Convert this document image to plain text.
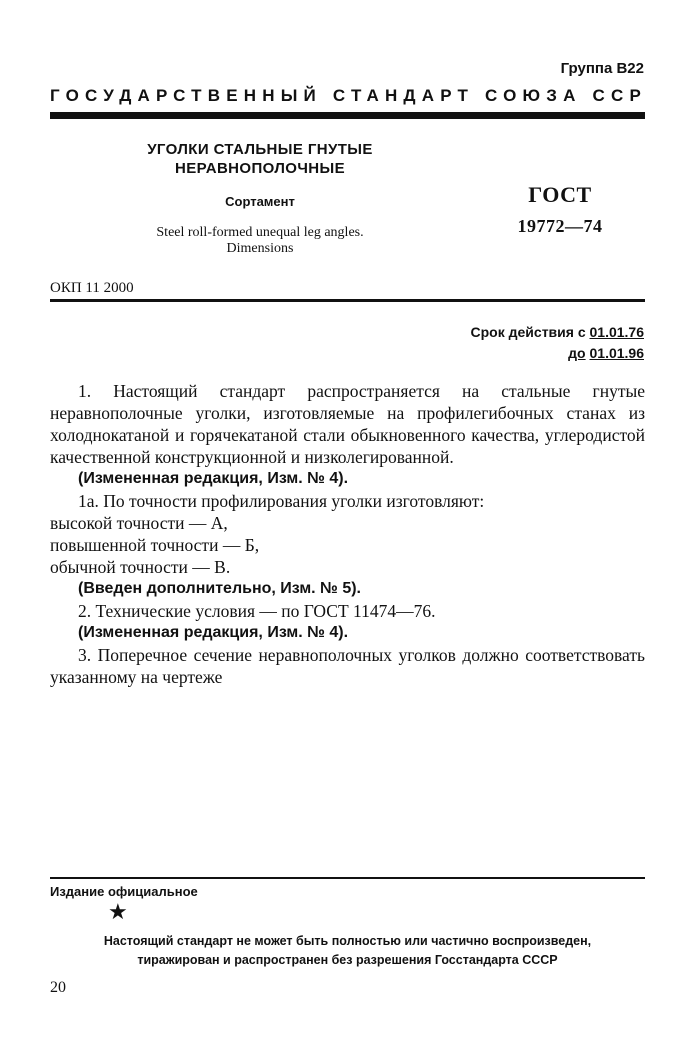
Группа В22
ГОСУДАРСТВЕННЫЙ СТАНДАРТ СОЮЗА ССР
УГОЛКИ СТАЛЬНЫЕ ГНУТЫЕ
НЕРАВНОПОЛОЧНЫЕ
Сортамент
Steel roll-formed unequal leg angles.
Dimensions
ГОСТ
19772—74
ОКП 11 2000
Срок действия с 01.01.76
до 01.01.96

1. Настоящий стандарт распространяется на стальные гнутые неравнополочные уголки, изготовляемые на профилегибочных станах из холоднокатаной и горячекатаной стали обыкновенного качества, углеродистой качественной конструкционной и низколегированной.

(Измененная редакция, Изм. № 4).

1а. По точности профилирования уголки изготовляют:

высокой точности — А,

повышенной точности — Б,

обычной точности — В.

(Введен дополнительно, Изм. № 5).

2. Технические условия — по ГОСТ 11474—76.

(Измененная редакция, Изм. № 4).

3. Поперечное сечение неравнополочных уголков должно соответствовать указанному на чертеже

Издание официальное
★
Настоящий стандарт не может быть полностью или частично воспроизведен,
тиражирован и распространен без разрешения Госстандарта СССР
20
